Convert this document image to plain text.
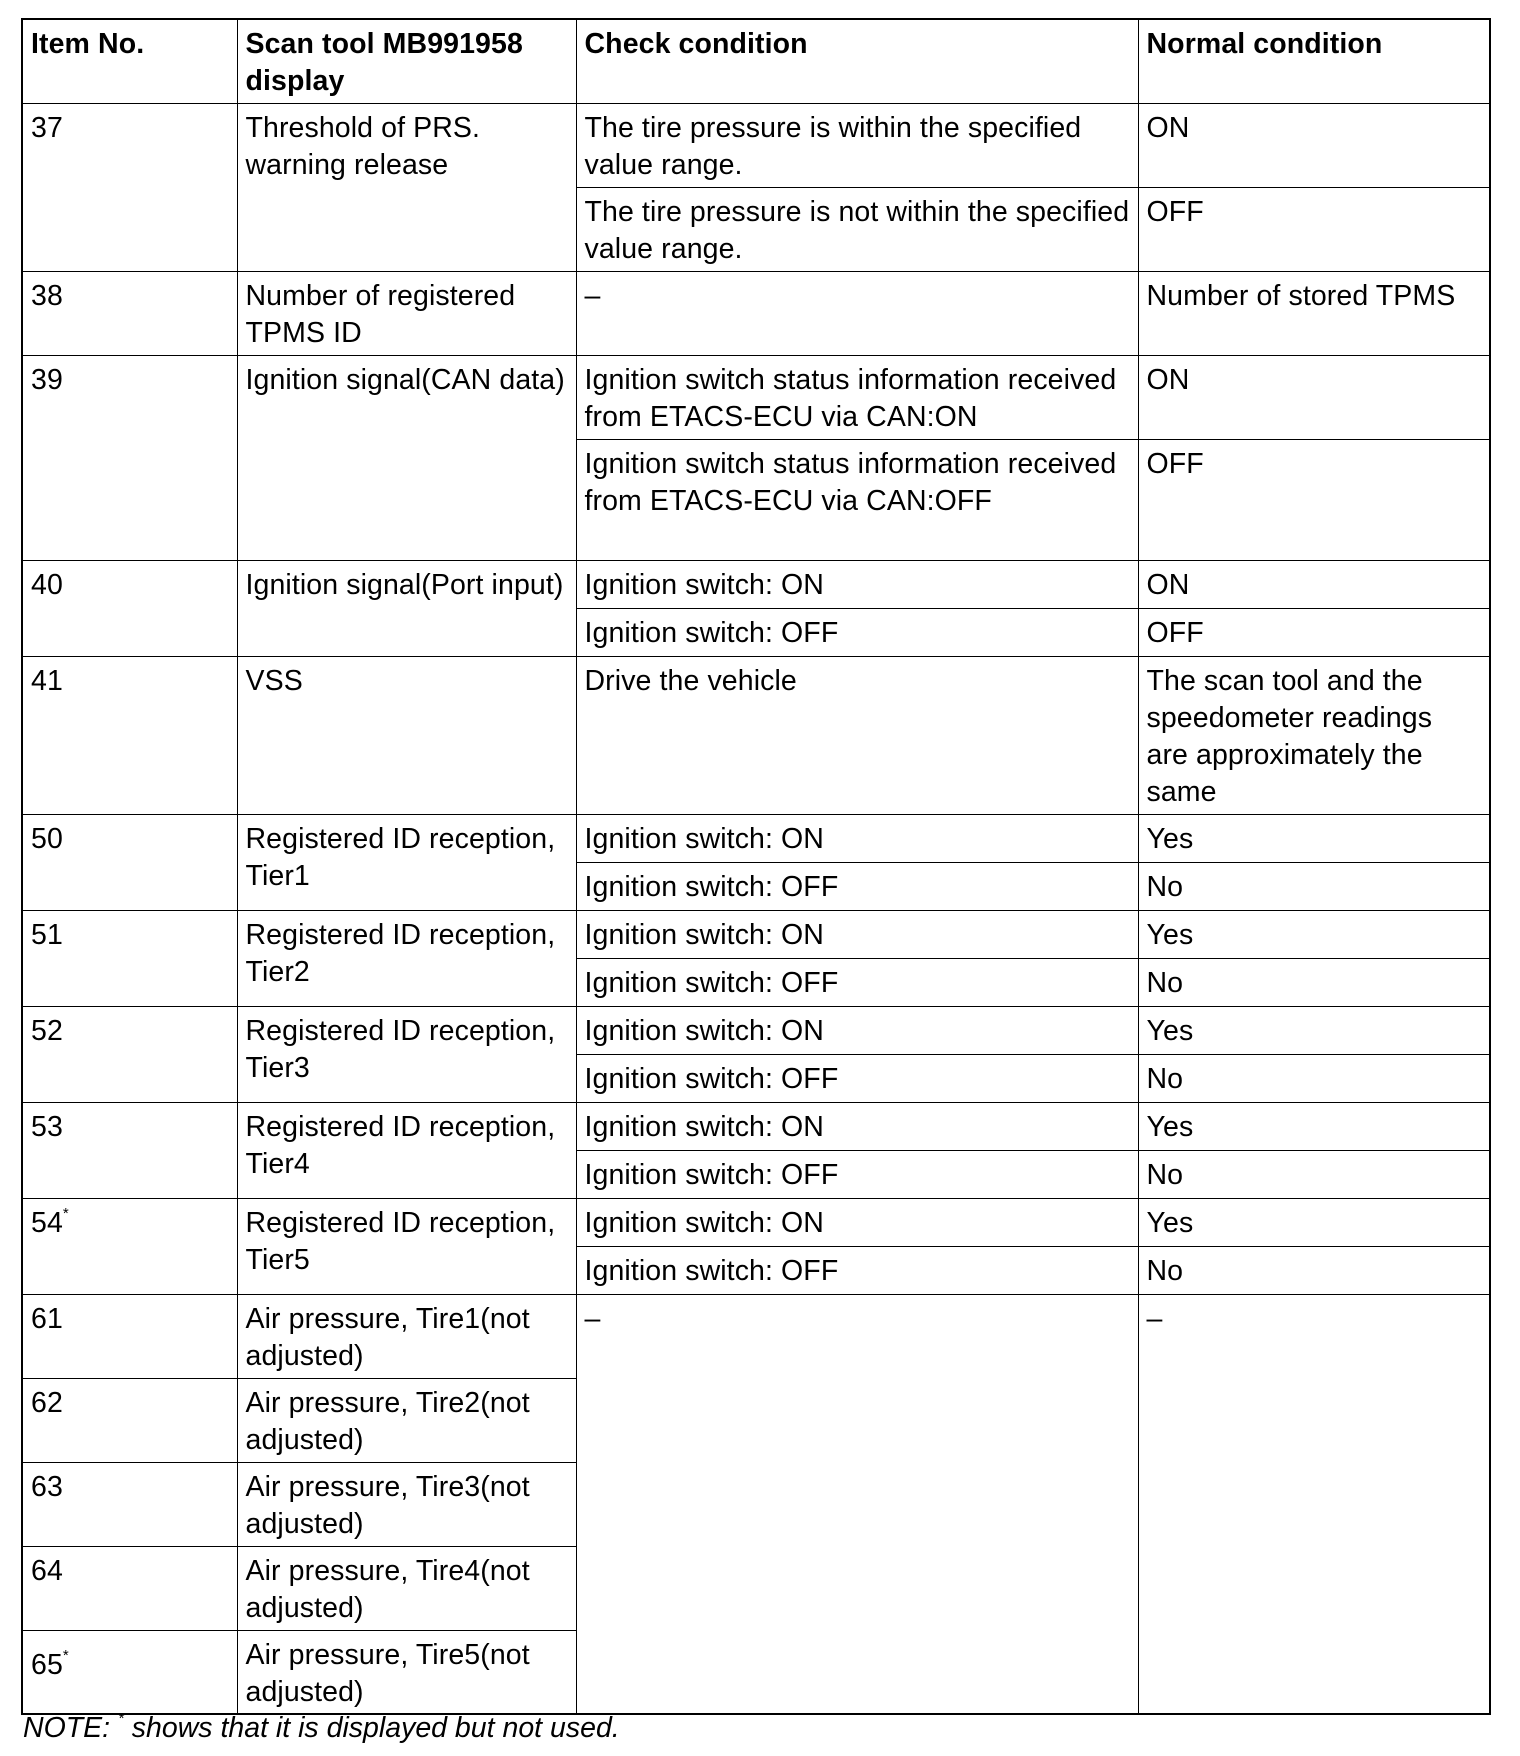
Item No.	Scan tool MB991958 display	Check condition	Normal condition
37	Threshold of PRS. warning release	The tire pressure is within the specified value range.	ON
		The tire pressure is not within the specified value range.	OFF
38	Number of registered TPMS ID	–	Number of stored TPMS
39	Ignition signal(CAN data)	Ignition switch status information received from ETACS-ECU via CAN:ON	ON
		Ignition switch status information received from ETACS-ECU via CAN:OFF	OFF
40	Ignition signal(Port input)	Ignition switch: ON	ON
		Ignition switch: OFF	OFF
41	VSS	Drive the vehicle	The scan tool and the speedometer readings are approximately the same
50	Registered ID reception, Tier1	Ignition switch: ON	Yes
		Ignition switch: OFF	No
51	Registered ID reception, Tier2	Ignition switch: ON	Yes
		Ignition switch: OFF	No
52	Registered ID reception, Tier3	Ignition switch: ON	Yes
		Ignition switch: OFF	No
53	Registered ID reception, Tier4	Ignition switch: ON	Yes
		Ignition switch: OFF	No
54*	Registered ID reception, Tier5	Ignition switch: ON	Yes
		Ignition switch: OFF	No
61	Air pressure, Tire1(not adjusted)	–	–
62	Air pressure, Tire2(not adjusted)		
63	Air pressure, Tire3(not adjusted)		
64	Air pressure, Tire4(not adjusted)		
65*	Air pressure, Tire5(not adjusted)		
NOTE: * shows that it is displayed but not used.
